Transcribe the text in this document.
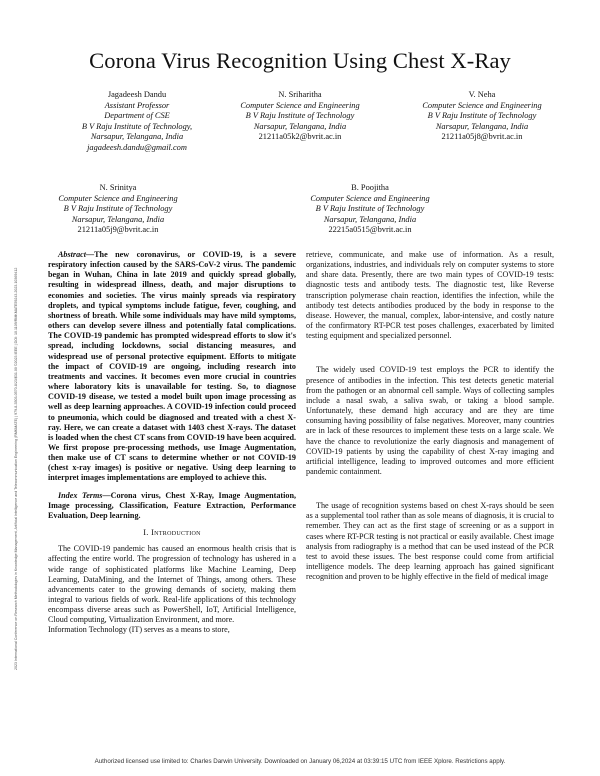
2023 International Conference on Research Methodologies in Knowledge Management, Artificial Intelligence and Telecommunication Engineering (RMKMATE) | 979-8-3503-0570-8/23/$31.00 ©2023 IEEE | DOI: 10.1109/RMKMATE59243.2023.10369412
Corona Virus Recognition Using Chest X-Ray
Jagadeesh Dandu
Assistant Professor
Department of CSE
B V Raju Institute of Technology,
Narsapur, Telangana, India
jagadeesh.dandu@gmail.com
N. Sriharitha
Computer Science and Engineering
B V Raju Institute of Technology
Narsapur, Telangana, India
21211a05k2@bvrit.ac.in
V. Neha
Computer Science and Engineering
B V Raju Institute of Technology
Narsapur, Telangana, India
21211a05j8@bvrit.ac.in
N. Srinitya
Computer Science and Engineering
B V Raju Institute of Technology
Narsapur, Telangana, India
21211a05j9@bvrit.ac.in
B. Poojitha
Computer Science and Engineering
B V Raju Institute of Technology
Narsapur, Telangana, India
22215a0515@bvrit.ac.in

Abstract—The new coronavirus, or COVID-19, is a severe respiratory infection caused by the SARS-CoV-2 virus. The pandemic began in Wuhan, China in late 2019 and quickly spread globally, resulting in widespread illness, death, and major disruptions to economies and societies. The virus mainly spreads via respiratory droplets, and typical symptoms include fatigue, fever, coughing, and shortness of breath. While some individuals may have mild symptoms, others can develop severe illness and potentially fatal complications. The COVID-19 pandemic has prompted widespread efforts to slow it's spread, including lockdowns, social distancing measures, and widespread use of personal protective equipment. Efforts to mitigate the impact of COVID-19 are ongoing, including research into treatments and vaccines. It becomes even more crucial in countries where laboratory kits is unavailable for testing. So, to diagnose COVID-19 disease, we tested a model built upon image processing as well as deep learning approaches. A COVID-19 infection could proceed to pneumonia, which could be diagnosed and treated with a chest X-ray. Here, we can create a dataset with 1403 chest X-rays. The dataset is loaded when the chest CT scans from COVID-19 have been acquired. We first propose pre-processing methods, use Image Augmentation, then make use of CT scans to determine whether or not COVID-19 (chest x-ray images) is positive or negative. Using deep learning to interpret images implementations are employed to achieve this.

Index Terms—Corona virus, Chest X-Ray, Image Augmentation, Image processing, Classification, Feature Extraction, Performance Evaluation, Deep learning.

I. Introduction

The COVID-19 pandemic has caused an enormous health crisis that is affecting the entire world. The progression of technology has ushered in a wide range of sophisticated platforms like Machine Learning, Deep Learning, DataMining, and the Internet of Things, among others. These advancements cater to the growing demands of society, making them integral to various fields of work. Real-life applications of this technology encompass diverse areas such as PowerShell, IoT, Artificial Intelligence, Cloud computing, Virtualization Environment, and more.

Information Technology (IT) serves as a means to store,

retrieve, communicate, and make use of information. As a result, organizations, industries, and individuals rely on computer systems to store and share data. Presently, there are two main types of COVID-19 tests: diagnostic tests and antibody tests. The diagnostic test, like Reverse transcription polymerase chain reaction, identifies the infection, while the antibody test detects antibodies produced by the body in response to the disease. However, the manual, complex, labor-intensive, and costly nature of the confirmatory RT-PCR test poses challenges, exacerbated by limited testing equipment and specialized personnel.

The widely used COVID-19 test employs the PCR to identify the presence of antibodies in the infection. This test detects genetic material from the pathogen or an abnormal cell sample. Ways of collecting samples include a nasal swab, a saliva swab, or taking a blood sample. Unfortunately, these demand high accuracy and are they are time consuming having possibility of false negatives. Moreover, many countries are in lack of these resources to implement these tests on a large scale. We have the chance to revolutionize the early diagnosis and management of COVID-19 patients by using the capability of chest X-ray imaging and artificial intelligence, leading to improved outcomes and more efficient pandemic containment.

The usage of recognition systems based on chest X-rays should be seen as a supplemental tool rather than as sole means of diagnosis, it is crucial to remember. They can act as the first stage of screening or as a support in cases where RT-PCR testing is not practical or easily available. Chest image analysis from radiography is a method that can be used instead of the PCR test to avoid these issues. The best response could come from artificial intelligence models. The deep learning approach has gained significant recognition and proven to be highly effective in the field of medical image

Authorized licensed use limited to: Charles Darwin University. Downloaded on January 06,2024 at 03:39:15 UTC from IEEE Xplore. Restrictions apply.
